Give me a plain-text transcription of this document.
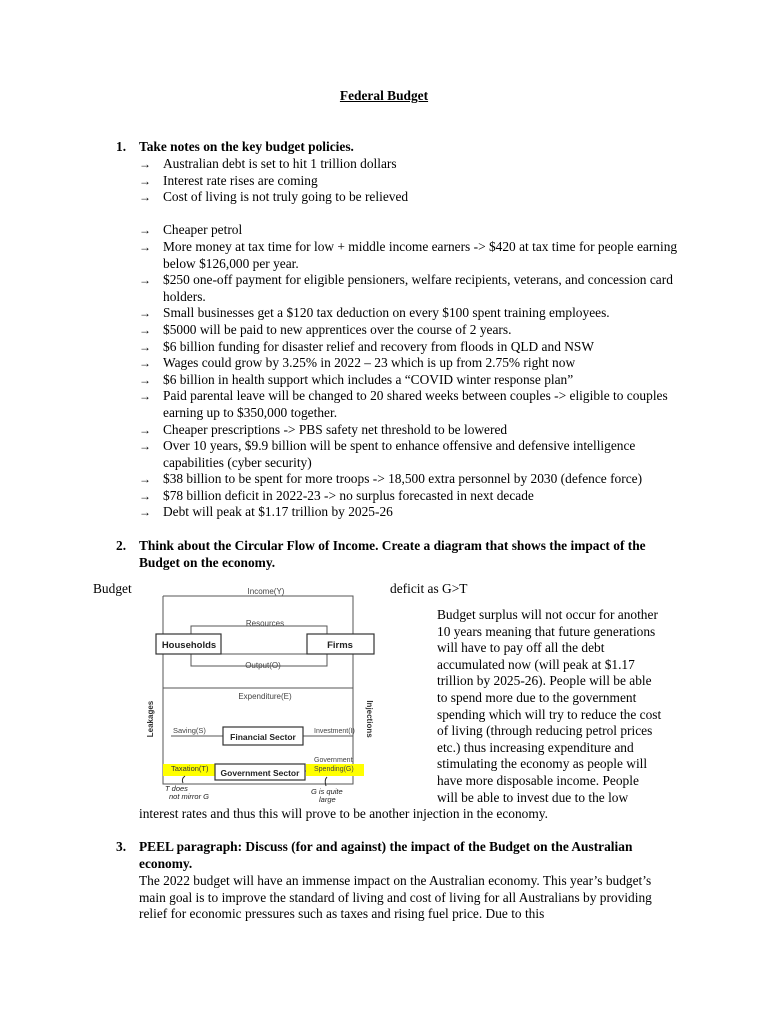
Federal Budget
1. Take notes on the key budget policies.
→ Australian debt is set to hit 1 trillion dollars
→ Interest rate rises are coming
→ Cost of living is not truly going to be relieved
→ Cheaper petrol
→ More money at tax time for low + middle income earners -> $420 at tax time for people earning below $126,000 per year.
→ $250 one-off payment for eligible pensioners, welfare recipients, veterans, and concession card holders.
→ Small businesses get a $120 tax deduction on every $100 spent training employees.
→ $5000 will be paid to new apprentices over the course of 2 years.
→ $6 billion funding for disaster relief and recovery from floods in QLD and NSW
→ Wages could grow by 3.25% in 2022 – 23 which is up from 2.75% right now
→ $6 billion in health support which includes a “COVID winter response plan”
→ Paid parental leave will be changed to 20 shared weeks between couples -> eligible to couples earning up to $350,000 together.
→ Cheaper prescriptions -> PBS safety net threshold to be lowered
→ Over 10 years, $9.9 billion will be spent to enhance offensive and defensive intelligence capabilities (cyber security)
→ $38 billion to be spent for more troops -> 18,500 extra personnel by 2030 (defence force)
→ $78 billion deficit in 2022-23 -> no surplus forecasted in next decade
→ Debt will peak at $1.17 trillion by 2025-26
2. Think about the Circular Flow of Income. Create a diagram that shows the impact of the Budget on the economy.
Budget	deficit as G>T
Income(Y)
Resources
Households	Firms
Output(O)
Expenditure(E)
Leakages	Injections
Saving(S)
Financial Sector
Investment(I)
Taxation(T) Government Sector
Government
Spending(G)
T does
not mirror G
G is quite
large
Budget surplus will not occur for another
10 years meaning that future generations
will have to pay off all the debt
accumulated now (will peak at $1.17
trillion by 2025-26). People will be able
to spend more due to the government
spending which will try to reduce the cost
of living (through reducing petrol prices
etc.) thus increasing expenditure and
stimulating the economy as people will
have more disposable income. People
will be able to invest due to the low
interest rates and thus this will prove to be another injection in the economy.
3. PEEL paragraph: Discuss (for and against) the impact of the Budget on the Australian economy.
The 2022 budget will have an immense impact on the Australian economy. This year’s budget’s main goal is to improve the standard of living and cost of living for all Australians by providing relief for economic pressures such as taxes and rising fuel price. Due to this
